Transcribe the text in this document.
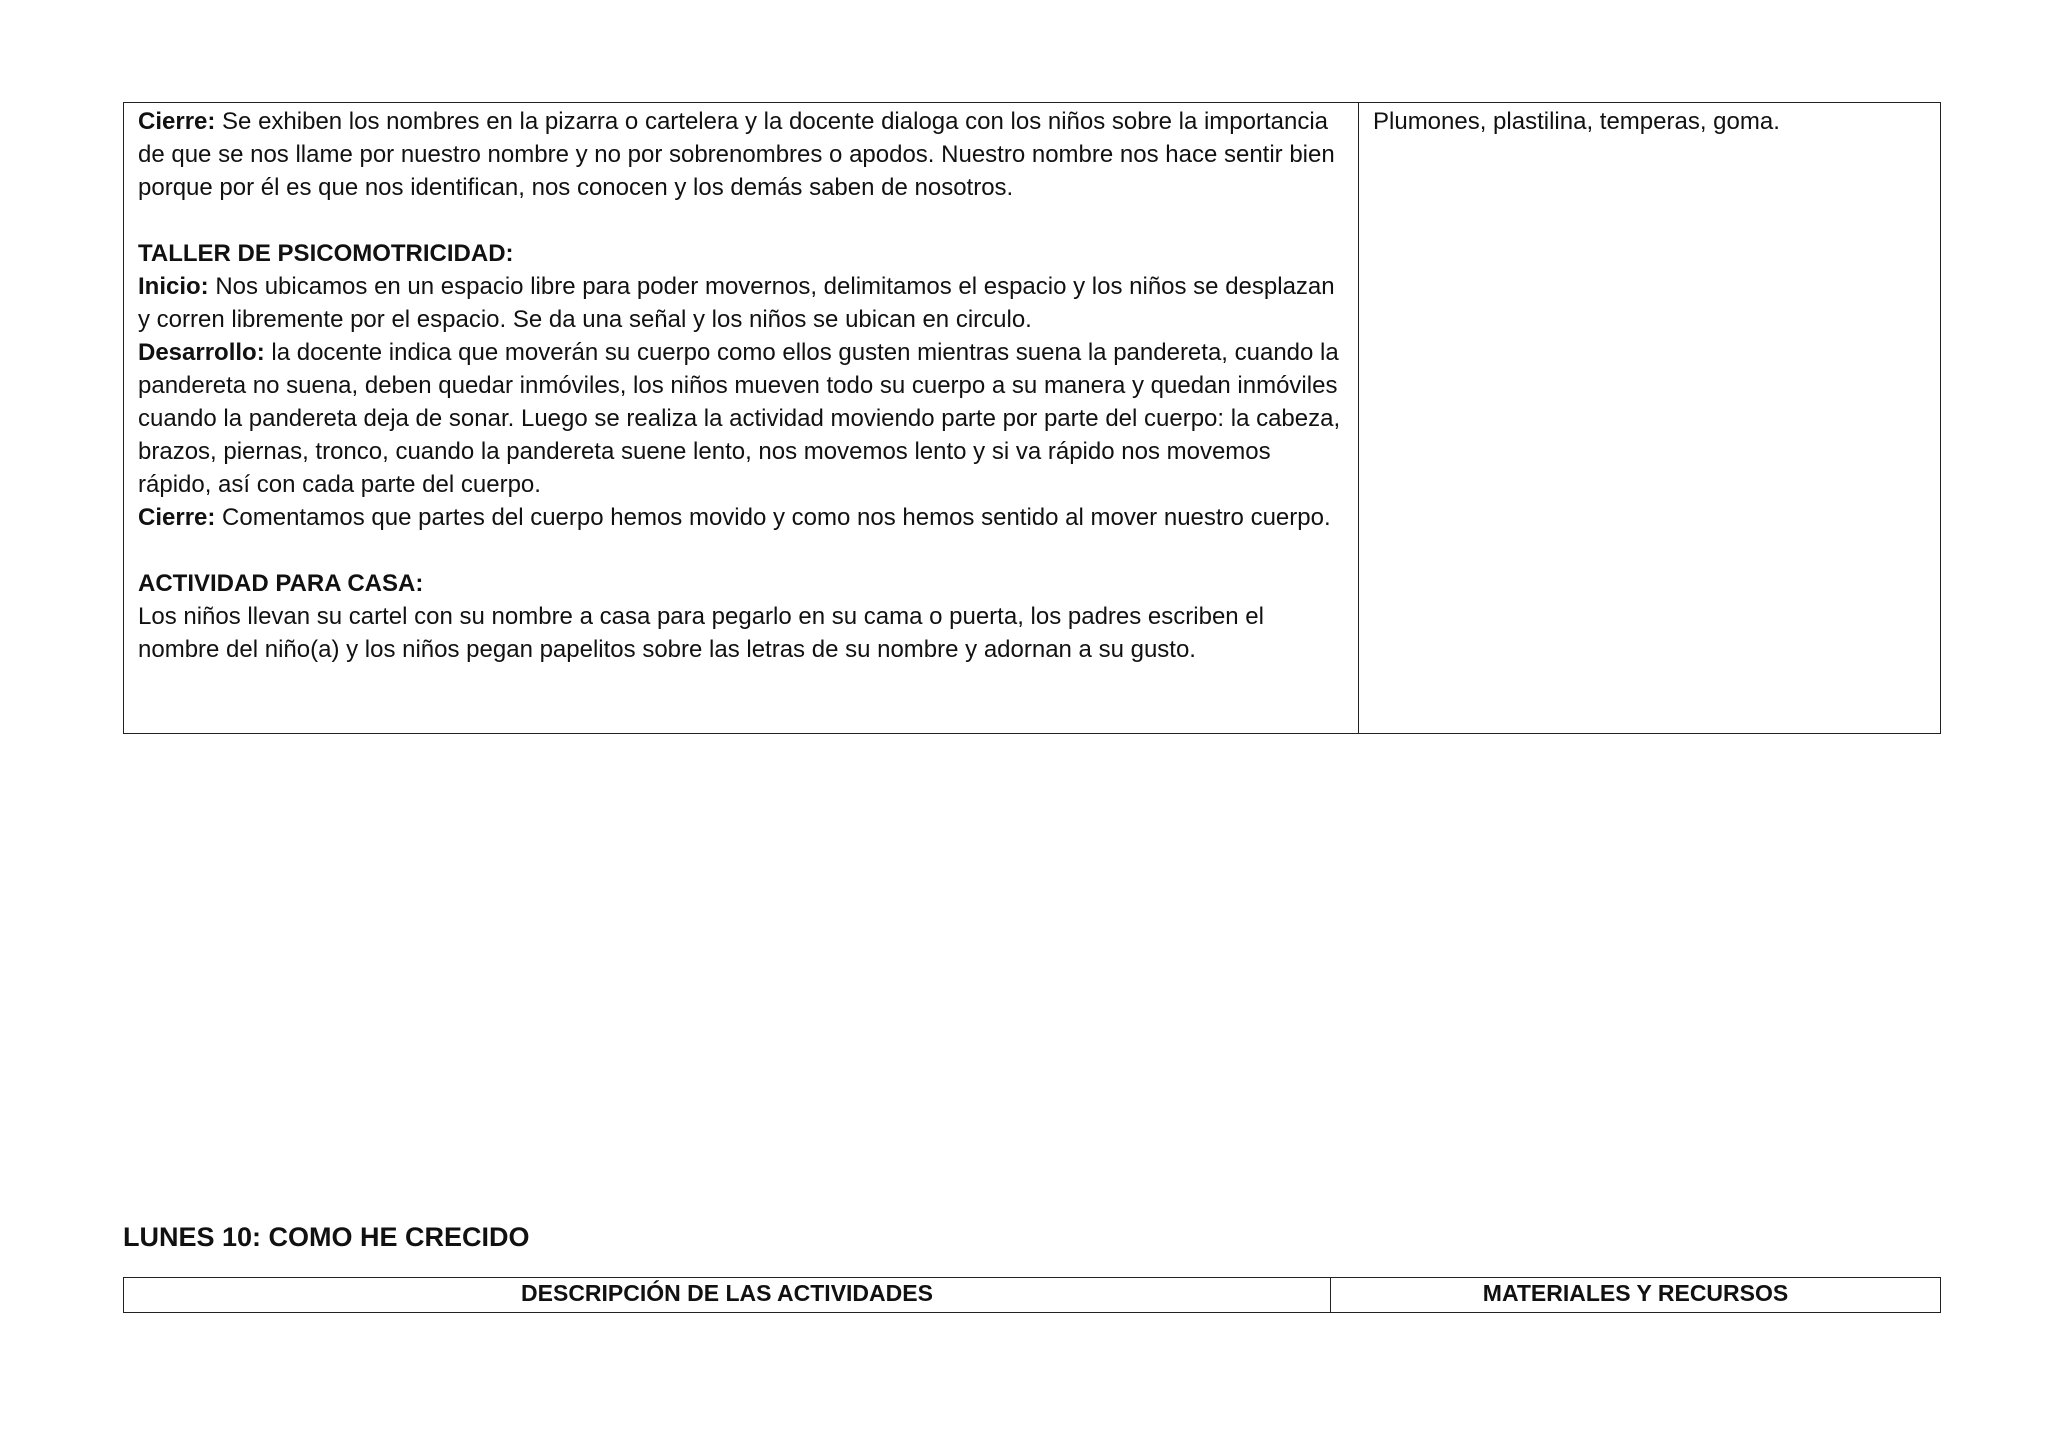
Cierre: Se exhiben los nombres en la pizarra o cartelera y la docente dialoga con los niños sobre la importancia de que se nos llame por nuestro nombre y no por sobrenombres o apodos. Nuestro nombre nos hace sentir bien porque por él es que nos identifican, nos conocen y los demás saben de nosotros.
TALLER DE PSICOMOTRICIDAD:
Inicio: Nos ubicamos en un espacio libre para poder movernos, delimitamos el espacio y los niños se desplazan y corren libremente por el espacio. Se da una señal y los niños se ubican en circulo.
Desarrollo: la docente indica que moverán su cuerpo como ellos gusten mientras suena la pandereta, cuando la pandereta no suena, deben quedar inmóviles, los niños mueven todo su cuerpo a su manera y quedan inmóviles cuando la pandereta deja de sonar. Luego se realiza la actividad moviendo parte por parte del cuerpo: la cabeza, brazos, piernas, tronco, cuando la pandereta suene lento, nos movemos lento y si va rápido nos movemos rápido, así con cada parte del cuerpo.
Cierre: Comentamos que partes del cuerpo hemos movido y como nos hemos sentido al mover nuestro cuerpo.
ACTIVIDAD PARA CASA:
Los niños llevan su cartel con su nombre a casa para pegarlo en su cama o puerta, los padres escriben el nombre del niño(a) y los niños pegan papelitos sobre las letras de su nombre y adornan a su gusto.
	Plumones, plastilina, temperas, goma.
LUNES 10: COMO HE CRECIDO
DESCRIPCIÓN DE LAS ACTIVIDADES	MATERIALES Y RECURSOS
